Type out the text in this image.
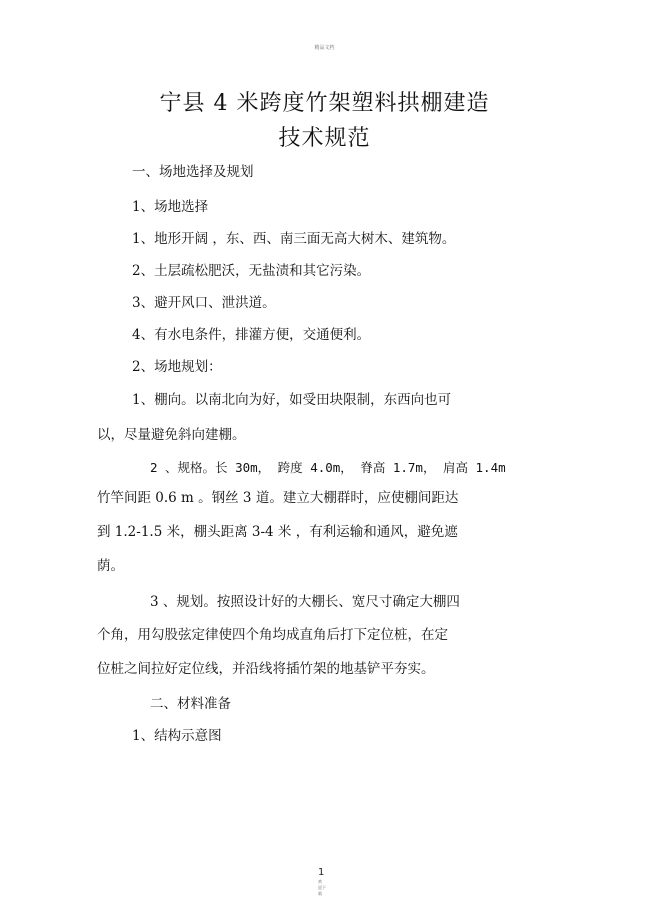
精品文档
宁县 4 米跨度竹架塑料拱棚建造
技术规范
一、场地选择及规划
1、场地选择
1、地形开阔 ，东、西、南三面无高大树木、建筑物。
2、土层疏松肥沃，无盐渍和其它污染。
3、避开风口、泄洪道。
4、有水电条件，排灌方便，交通便利。
2、场地规划：
1、棚向。以南北向为好，如受田块限制，东西向也可
以，尽量避免斜向建棚。
2 、规格。长 30m， 跨度 4.0m， 脊高 1.7m， 肩高 1.4m
竹竿间距 0.6 m 。钢丝 3 道。建立大棚群时，应使棚间距达
到 1.2-1.5 米，棚头距离 3-4 米 ，有利运输和通风，避免遮
荫。
3 、规划。按照设计好的大棚长、宽尺寸确定大棚四
个角，用勾股弦定律使四个角均成直角后打下定位桩，在定
位桩之间拉好定位线，并沿线将插竹架的地基铲平夯实。
二、材料准备
1、结构示意图
1
欢
迎下
载
